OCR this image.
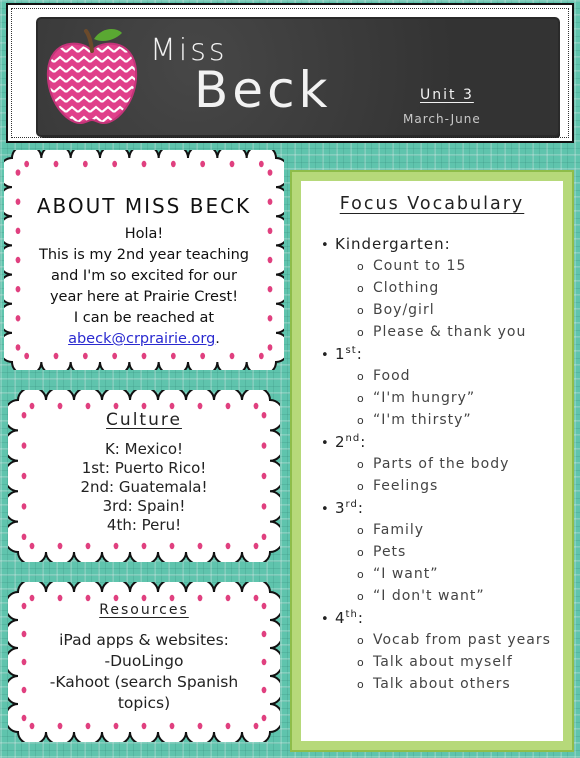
Miss
Beck	Unit 3
March-June
ABOUT MISS BECK
Hola!
This is my 2nd year teaching
and I'm so excited for our
year here at Prairie Crest!
I can be reached at
abeck@crprairie.org.
Culture
K: Mexico!
1st: Puerto Rico!
2nd: Guatemala!
3rd: Spain!
4th: Peru!
Resources
iPad apps & websites:
-DuoLingo
-Kahoot (search Spanish
topics)
Focus Vocabulary
• Kindergarten:
o Count to 15
o Clothing
o Boy/girl
o Please & thank you
• 1st:
o Food
o “I'm hungry”
o “I'm thirsty”
• 2nd:
o Parts of the body
o Feelings
• 3rd:
o Family
o Pets
o “I want”
o “I don't want”
• 4th:
o Vocab from past years
o Talk about myself
o Talk about others
